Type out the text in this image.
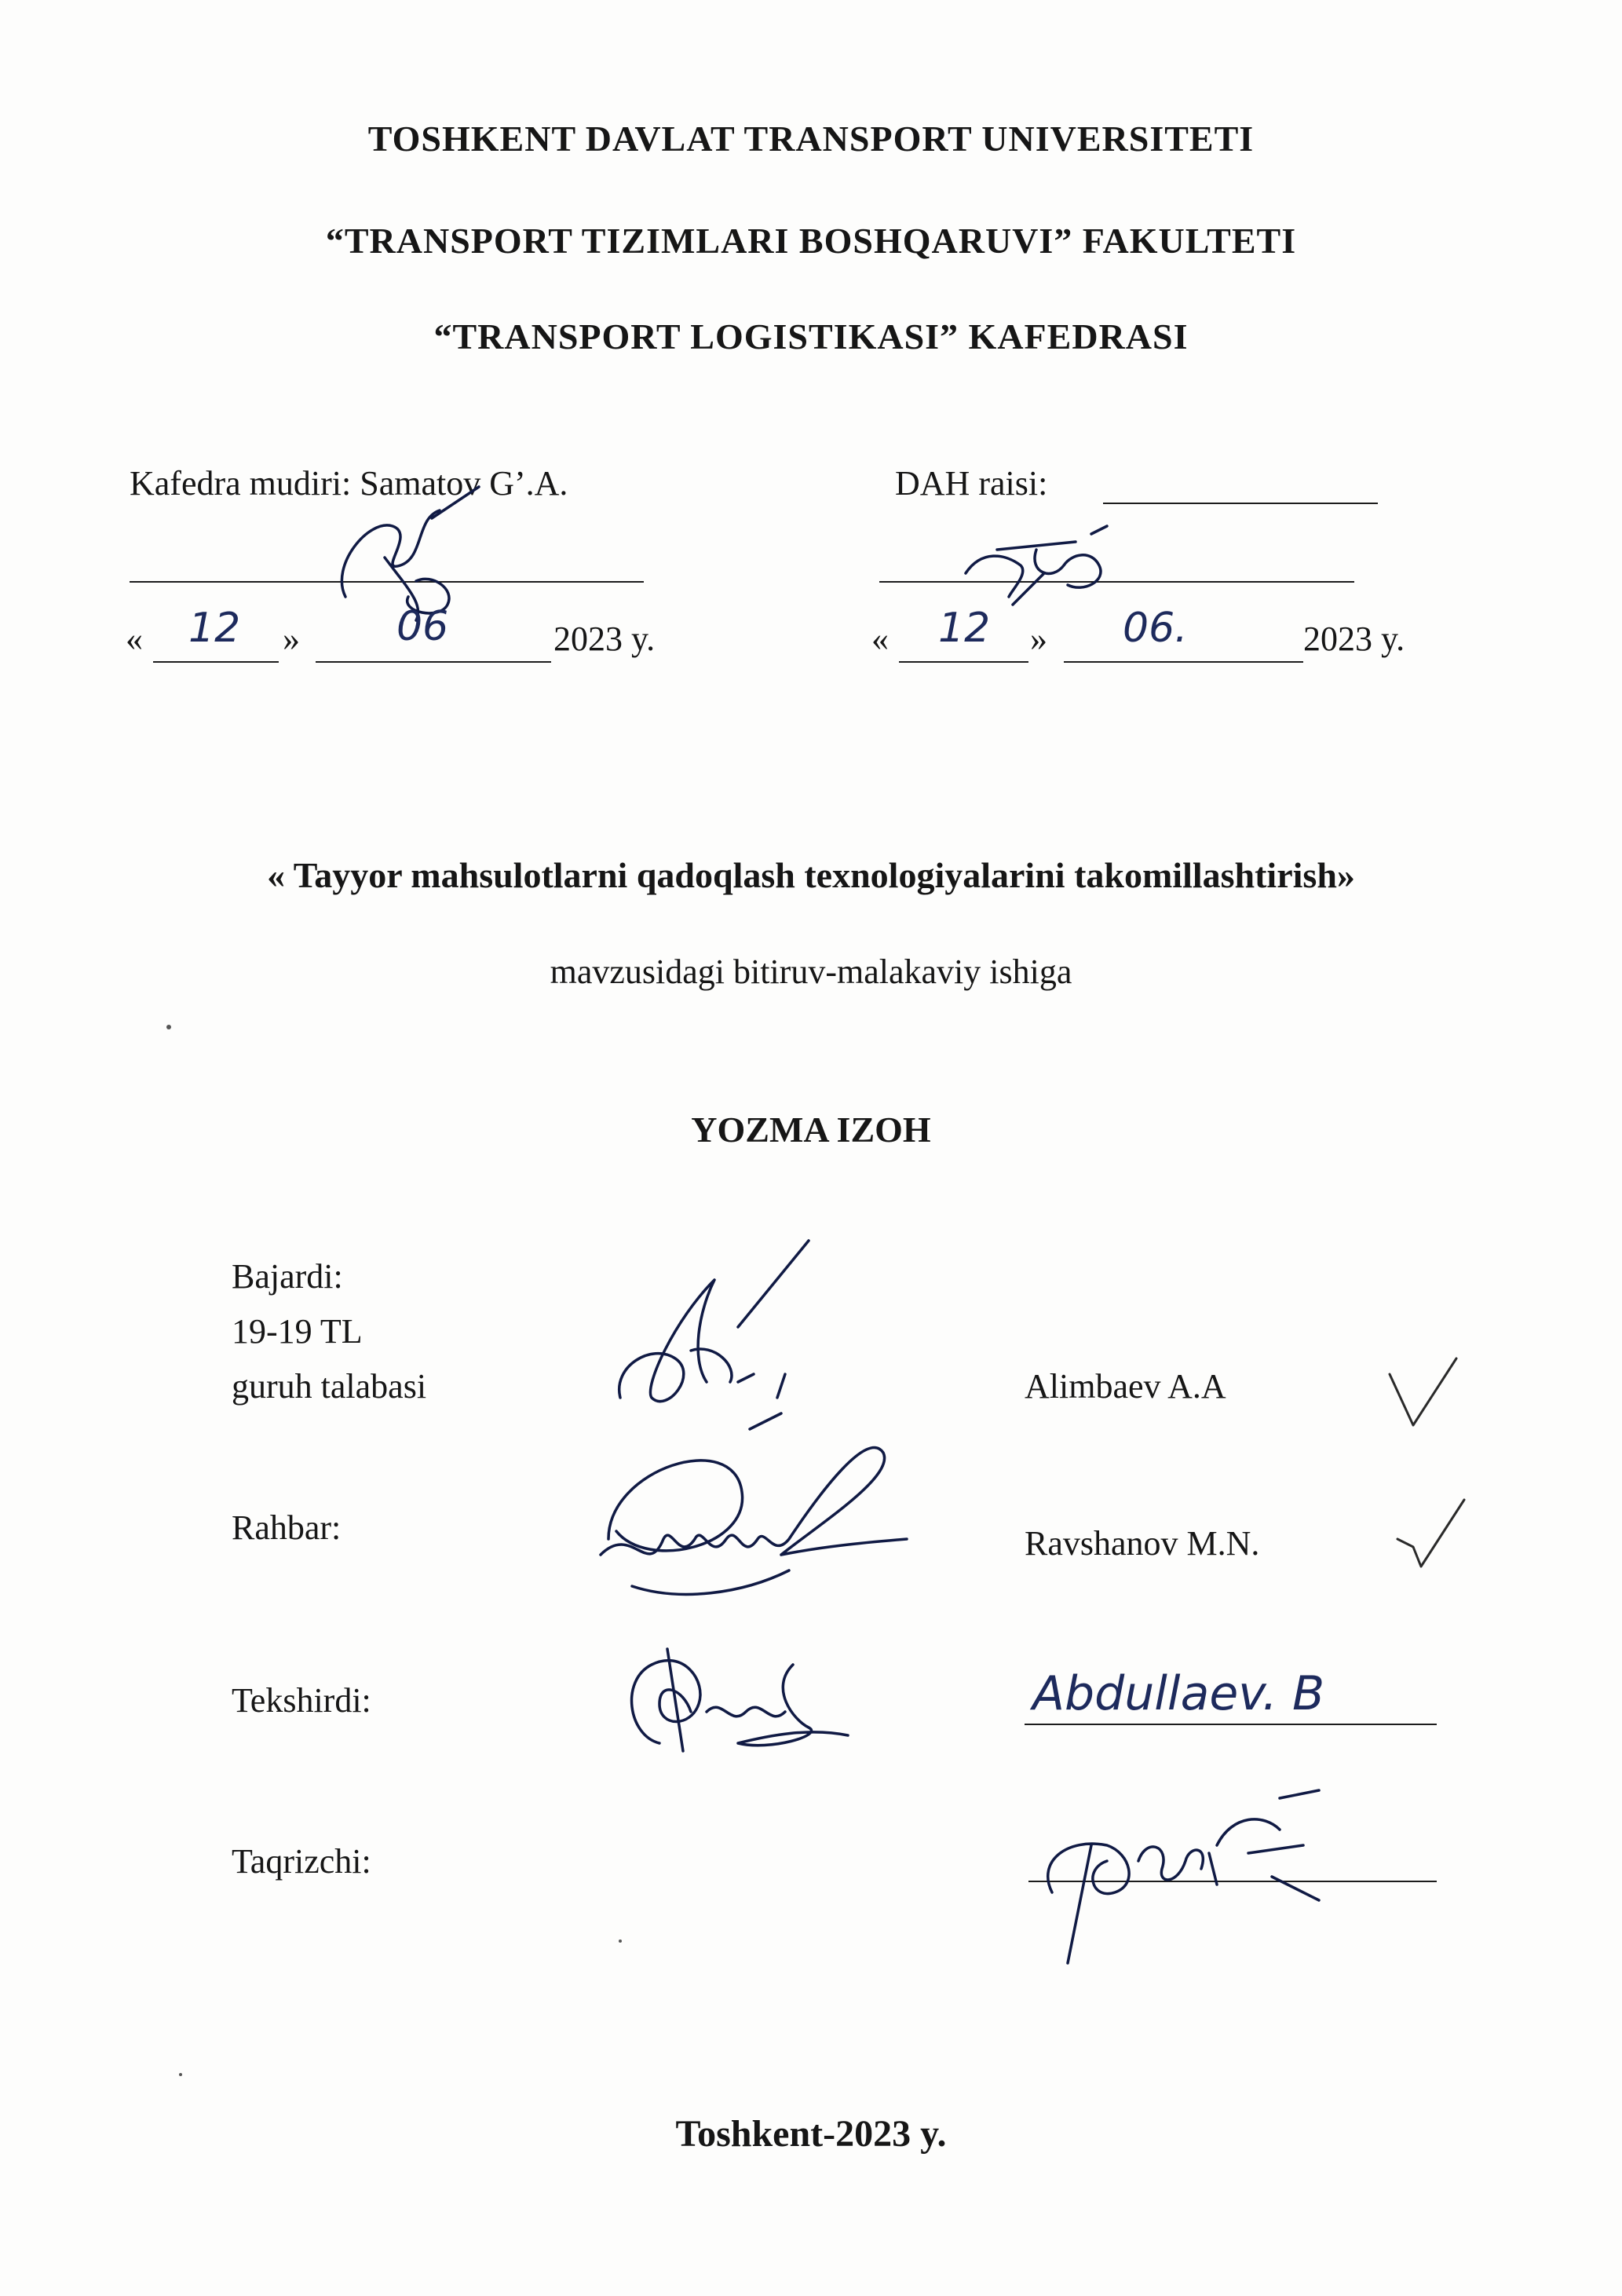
TOSHKENT DAVLAT TRANSPORT UNIVERSITETI
“TRANSPORT TIZIMLARI BOSHQARUVI” FAKULTETI
“TRANSPORT LOGISTIKASI” KAFEDRASI
Kafedra mudiri: Samatov G’.A.
« 12 » 06	2023 y.
DAH raisi:
« 12 » 06.	2023 y.
« Tayyor mahsulotlarni qadoqlash texnologiyalarini takomillashtirish»
mavzusidagi bitiruv-malakaviy ishiga
YOZMA IZOH
Bajardi:
19-19 TL
guruh talabasi	Alimbaev A.A
Rahbar:	Ravshanov M.N.
Tekshirdi:	Abdullaev. B
Taqrizchi:
Toshkent-2023 y.
